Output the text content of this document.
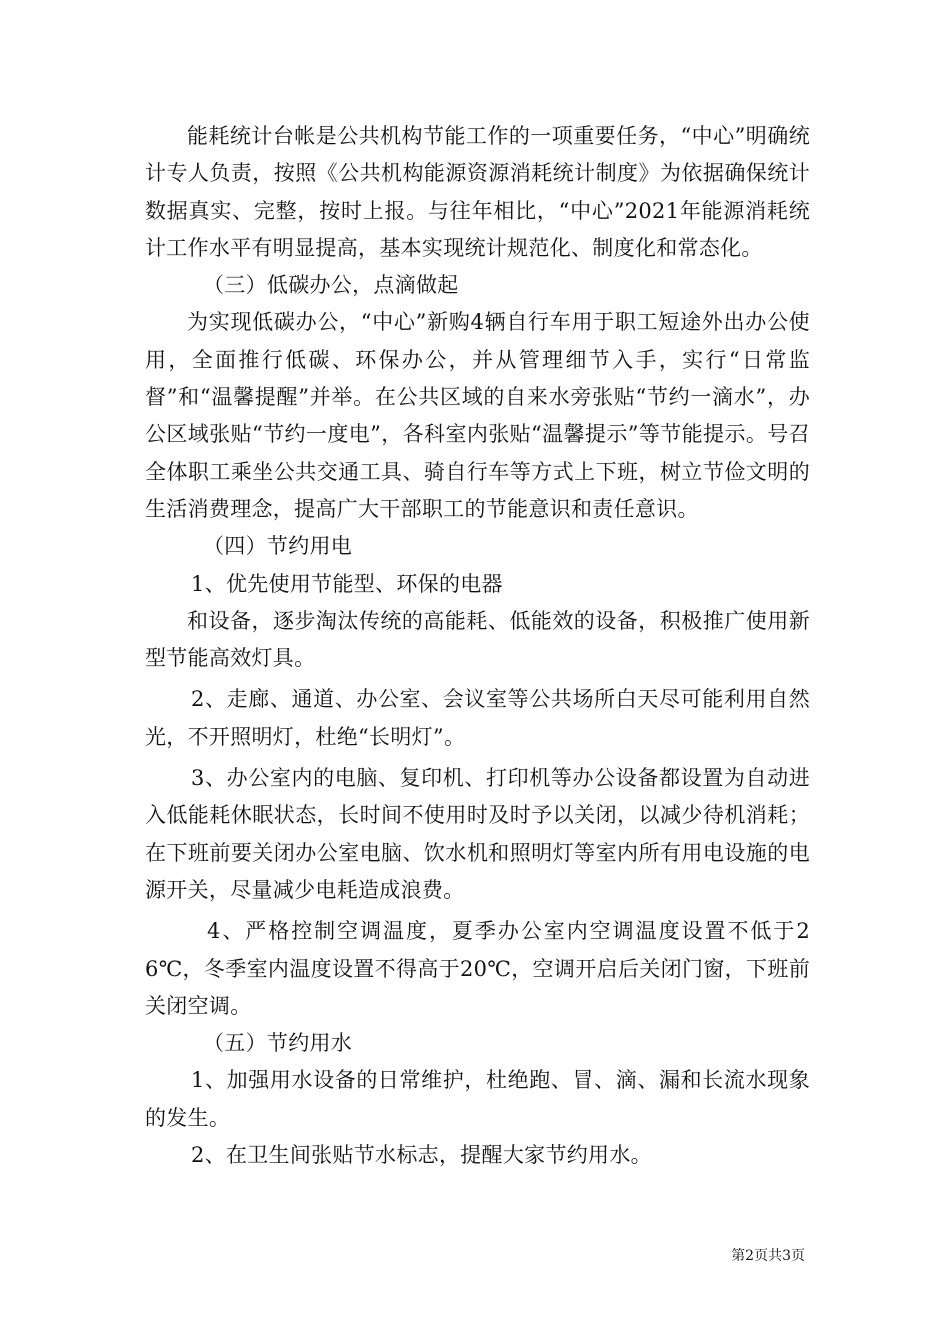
能耗统计台帐是公共机构节能工作的一项重要任务，“中心”明确统计专人负责，按照《公共机构能源资源消耗统计制度》为依据确保统计数据真实、完整，按时上报。与往年相比，“中心”2021年能源消耗统计工作水平有明显提高，基本实现统计规范化、制度化和常态化。

（三）低碳办公，点滴做起

为实现低碳办公，“中心”新购4辆自行车用于职工短途外出办公使用，全面推行低碳、环保办公，并从管理细节入手，实行“日常监督”和“温馨提醒”并举。在公共区域的自来水旁张贴“节约一滴水”，办公区域张贴“节约一度电”，各科室内张贴“温馨提示”等节能提示。号召全体职工乘坐公共交通工具、骑自行车等方式上下班，树立节俭文明的生活消费理念，提高广大干部职工的节能意识和责任意识。

（四）节约用电

1、优先使用节能型、环保的电器

和设备，逐步淘汰传统的高能耗、低能效的设备，积极推广使用新型节能高效灯具。

2、走廊、通道、办公室、会议室等公共场所白天尽可能利用自然光，不开照明灯，杜绝“长明灯”。

3、办公室内的电脑、复印机、打印机等办公设备都设置为自动进入低能耗休眠状态，长时间不使用时及时予以关闭，以减少待机消耗；在下班前要关闭办公室电脑、饮水机和照明灯等室内所有用电设施的电源开关，尽量减少电耗造成浪费。

4、严格控制空调温度，夏季办公室内空调温度设置不低于26℃，冬季室内温度设置不得高于20℃，空调开启后关闭门窗，下班前关闭空调。

（五）节约用水

1、加强用水设备的日常维护，杜绝跑、冒、滴、漏和长流水现象的发生。

2、在卫生间张贴节水标志，提醒大家节约用水。

第2页共3页
